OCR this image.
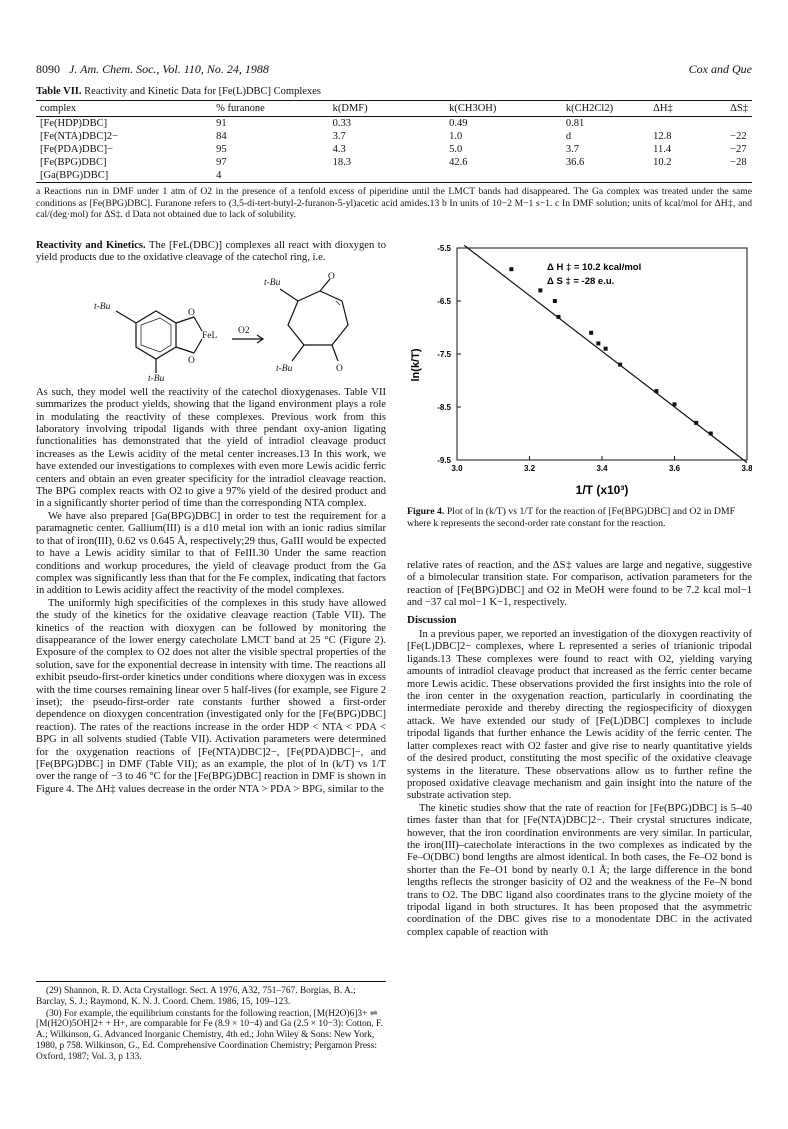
8090 J. Am. Chem. Soc., Vol. 110, No. 24, 1988	Cox and Que
Table VII. Reactivity and Kinetic Data for [Fe(L)DBC] Complexes
complex	% furanone	k(DMF)	k(CH3OH)	k(CH2Cl2)	ΔH‡	ΔS‡
[Fe(HDP)DBC]	91	0.33	0.49	0.81		
[Fe(NTA)DBC]2−	84	3.7	1.0	d	12.8	−22
[Fe(PDA)DBC]−	95	4.3	5.0	3.7	11.4	−27
[Fe(BPG)DBC]	97	18.3	42.6	36.6	10.2	−28
[Ga(BPG)DBC]	4					
a Reactions run in DMF under 1 atm of O2 in the presence of a tenfold excess of piperidine until the LMCT bands had disappeared. The Ga complex was treated under the same conditions as [Fe(BPG)DBC]. Furanone refers to (3,5-di-tert-butyl-2-furanon-5-yl)acetic acid amides.13 b In units of 10−2 M−1 s−1. c In DMF solution; units of kcal/mol for ΔH‡, and cal/(deg·mol) for ΔS‡. d Data not obtained due to lack of solubility.

Reactivity and Kinetics. The [FeL(DBC)] complexes all react with dioxygen to yield products due to the oxidative cleavage of the catechol ring, i.e.

t-Bu
t-Bu
O
O
FeL O2
t-Bu
O
t-Bu	O

As such, they model well the reactivity of the catechol dioxygenases. Table VII summarizes the product yields, showing that the ligand environment plays a role in modulating the reactivity of these complexes. Previous work from this laboratory involving tripodal ligands with three pendant oxy-anion ligating functionalities has demonstrated that the yield of intradiol cleavage product increases as the Lewis acidity of the metal center increases.13 In this work, we have extended our investigations to complexes with even more Lewis acidic ferric centers and obtain an even greater specificity for the intradiol cleavage reaction. The BPG complex reacts with O2 to give a 97% yield of the desired product and in a significantly shorter period of time than the corresponding NTA complex.

We have also prepared [Ga(BPG)DBC] in order to test the requirement for a paramagnetic center. Gallium(III) is a d10 metal ion with an ionic radius similar to that of iron(III), 0.62 vs 0.645 Å, respectively;29 thus, GaIII would be expected to have a Lewis acidity similar to that of FeIII.30 Under the same reaction conditions and workup procedures, the yield of cleavage product from the Ga complex was significantly less than that for the Fe complex, indicating that factors in addition to Lewis acidity affect the reactivity of the model complexes.

The uniformly high specificities of the complexes in this study have allowed the study of the kinetics for the oxidative cleavage reaction (Table VII). The kinetics of the reaction with dioxygen can be followed by monitoring the disappearance of the lower energy catecholate LMCT band at 25 °C (Figure 2). Exposure of the complex to O2 does not alter the visible spectral properties of the solution, save for the exponential decrease in intensity with time. The reactions all exhibit pseudo-first-order kinetics under conditions where dioxygen was in excess with the time courses remaining linear over 5 half-lives (for example, see Figure 2 inset); the pseudo-first-order rate constants further showed a first-order dependence on dioxygen concentration (investigated only for the [Fe(BPG)DBC] reaction). The rates of the reactions increase in the order HDP < NTA < PDA < BPG in all solvents studied (Table VII). Activation parameters were determined for the oxygenation reactions of [Fe(NTA)DBC]2−, [Fe(PDA)DBC]−, and [Fe(BPG)DBC] in DMF (Table VII); as an example, the plot of ln (k/T) vs 1/T over the range of −3 to 46 °C for the [Fe(BPG)DBC] reaction in DMF is shown in Figure 4. The ΔH‡ values decrease in the order NTA > PDA > BPG, similar to the

(29) Shannon, R. D. Acta Crystallogr. Sect. A 1976, A32, 751–767. Borgias, B. A.; Barclay, S. J.; Raymond, K. N. J. Coord. Chem. 1986, 15, 109–123.

(30) For example, the equilibrium constants for the following reaction, [M(H2O)6]3+ ⇌ [M(H2O)5OH]2+ + H+, are comparable for Fe (8.9 × 10−4) and Ga (2.5 × 10−3): Cotton, F. A.; Wilkinson, G. Advanced Inorganic Chemistry, 4th ed.; John Wiley & Sons: New York, 1980, p 758. Wilkinson, G., Ed. Comprehensive Coordination Chemistry; Pergamon Press: Oxford, 1987; Vol. 3, p 133.

-5.5
-6.5
-7.5
-8.5
-9.5
3.0	3.2	3.4	3.6	3.8
Δ H ‡ = 10.2 kcal/mol
Δ S ‡ = -28 e.u.
ln(k/T)
1/T (x10³)
Figure 4. Plot of ln (k/T) vs 1/T for the reaction of [Fe(BPG)DBC] and O2 in DMF where k represents the second-order rate constant for the reaction.

relative rates of reaction, and the ΔS‡ values are large and negative, suggestive of a bimolecular transition state. For comparison, activation parameters for the reaction of [Fe(BPG)DBC] and O2 in MeOH were found to be 7.2 kcal mol−1 and −37 cal mol−1 K−1, respectively.

Discussion

In a previous paper, we reported an investigation of the dioxygen reactivity of [Fe(L)DBC]2− complexes, where L represented a series of trianionic tripodal ligands.13 These complexes were found to react with O2, yielding varying amounts of intradiol cleavage product that increased as the ferric center became more Lewis acidic. These observations provided the first insights into the role of the iron center in the oxygenation reaction, particularly in coordinating the intermediate peroxide and thereby directing the regiospecificity of dioxygen attack. We have extended our study of [Fe(L)DBC] complexes to include tripodal ligands that further enhance the Lewis acidity of the ferric center. The latter complexes react with O2 faster and give rise to nearly quantitative yields of the desired product, constituting the most specific of the oxidative cleavage systems in the literature. These observations allow us to further refine the proposed oxidative cleavage mechanism and gain insight into the nature of the substrate activation step.

The kinetic studies show that the rate of reaction for [Fe(BPG)DBC] is 5–40 times faster than that for [Fe(NTA)DBC]2−. Their crystal structures indicate, however, that the iron coordination environments are very similar. In particular, the iron(III)–catecholate interactions in the two complexes as indicated by the Fe–O(DBC) bond lengths are almost identical. In both cases, the Fe–O2 bond is shorter than the Fe–O1 bond by nearly 0.1 Å; the large difference in the bond lengths reflects the stronger basicity of O2 and the weakness of the Fe–N bond trans to O2. The DBC ligand also coordinates trans to the glycine moiety of the tripodal ligand in both structures. It has been proposed that the asymmetric coordination of the DBC gives rise to a monodentate DBC in the activated complex capable of reaction with
